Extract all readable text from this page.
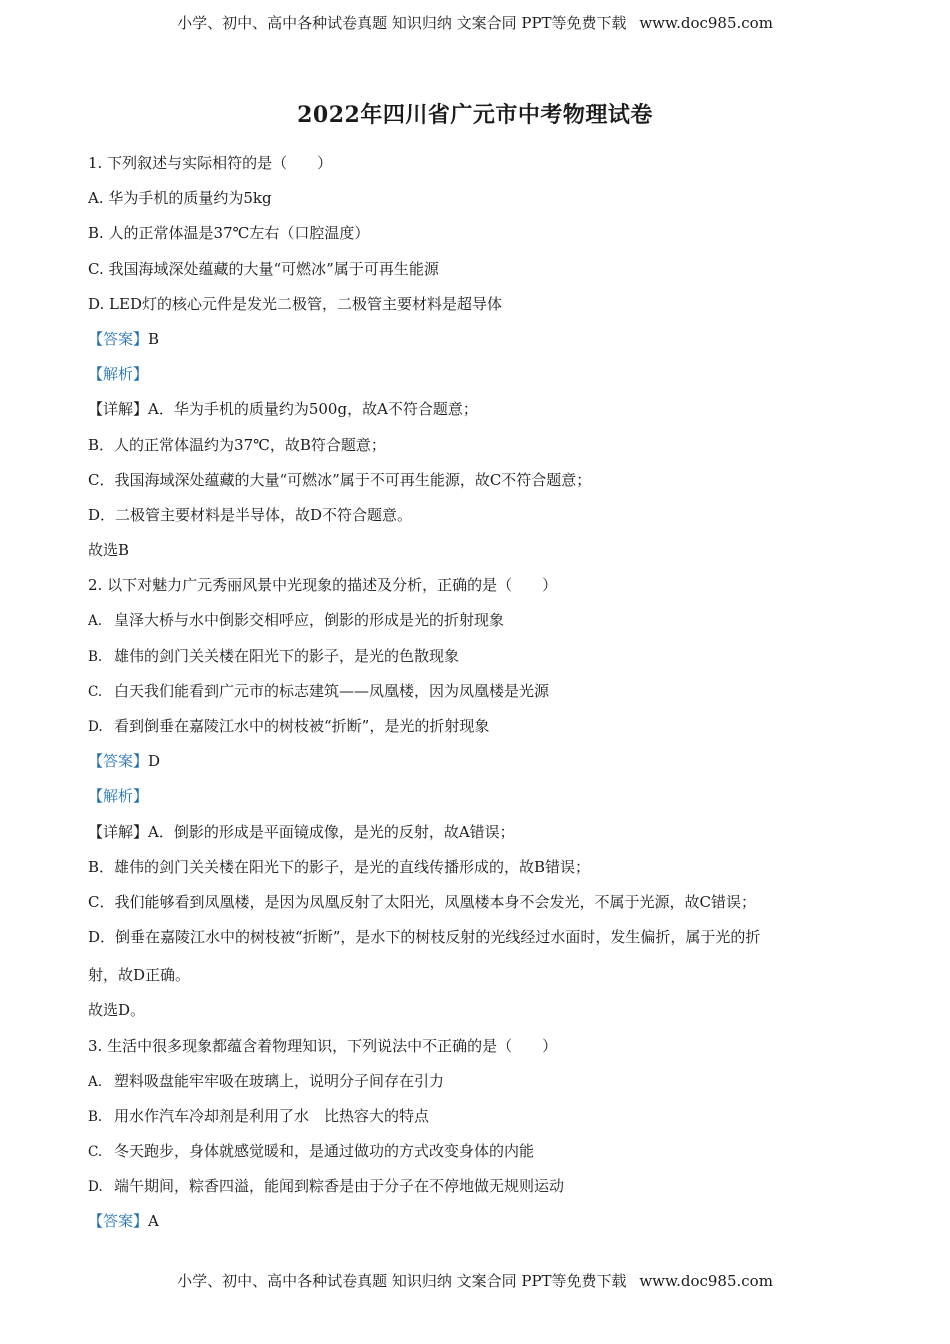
小学、初中、高中各种试卷真题 知识归纳 文案合同 PPT等免费下载 www.doc985.com
2022年四川省广元市中考物理试卷
1. 下列叙述与实际相符的是（　　）
A. 华为手机的质量约为5kg
B. 人的正常体温是37℃左右（口腔温度）
C. 我国海域深处蕴藏的大量“可燃冰”属于可再生能源
D. LED灯的核心元件是发光二极管，二极管主要材料是超导体
【答案】B
【解析】
【详解】A．华为手机的质量约为500g，故A不符合题意；
B．人的正常体温约为37℃，故B符合题意；
C．我国海域深处蕴藏的大量“可燃冰”属于不可再生能源，故C不符合题意；
D．二极管主要材料是半导体，故D不符合题意。
故选B
2. 以下对魅力广元秀丽风景中光现象的描述及分析，正确的是（　　）
A. 皇泽大桥与水中倒影交相呼应，倒影的形成是光的折射现象
B. 雄伟的剑门关关楼在阳光下的影子，是光的色散现象
C. 白天我们能看到广元市的标志建筑——凤凰楼，因为凤凰楼是光源
D. 看到倒垂在嘉陵江水中的树枝被“折断”，是光的折射现象
【答案】D
【解析】
【详解】A．倒影的形成是平面镜成像，是光的反射，故A错误；
B．雄伟的剑门关关楼在阳光下的影子，是光的直线传播形成的，故B错误；
C．我们能够看到凤凰楼，是因为凤凰反射了太阳光，凤凰楼本身不会发光，不属于光源，故C错误；
D．倒垂在嘉陵江水中的树枝被“折断”，是水下的树枝反射的光线经过水面时，发生偏折，属于光的折
射，故D正确。
故选D。
3. 生活中很多现象都蕴含着物理知识，下列说法中不正确的是（　　）
A. 塑料吸盘能牢牢吸在玻璃上，说明分子间存在引力
B. 用水作汽车冷却剂是利用了水　比热容大的特点
C. 冬天跑步，身体就感觉暖和，是通过做功的方式改变身体的内能
D. 端午期间，粽香四溢，能闻到粽香是由于分子在不停地做无规则运动
【答案】A
小学、初中、高中各种试卷真题 知识归纳 文案合同 PPT等免费下载 www.doc985.com
